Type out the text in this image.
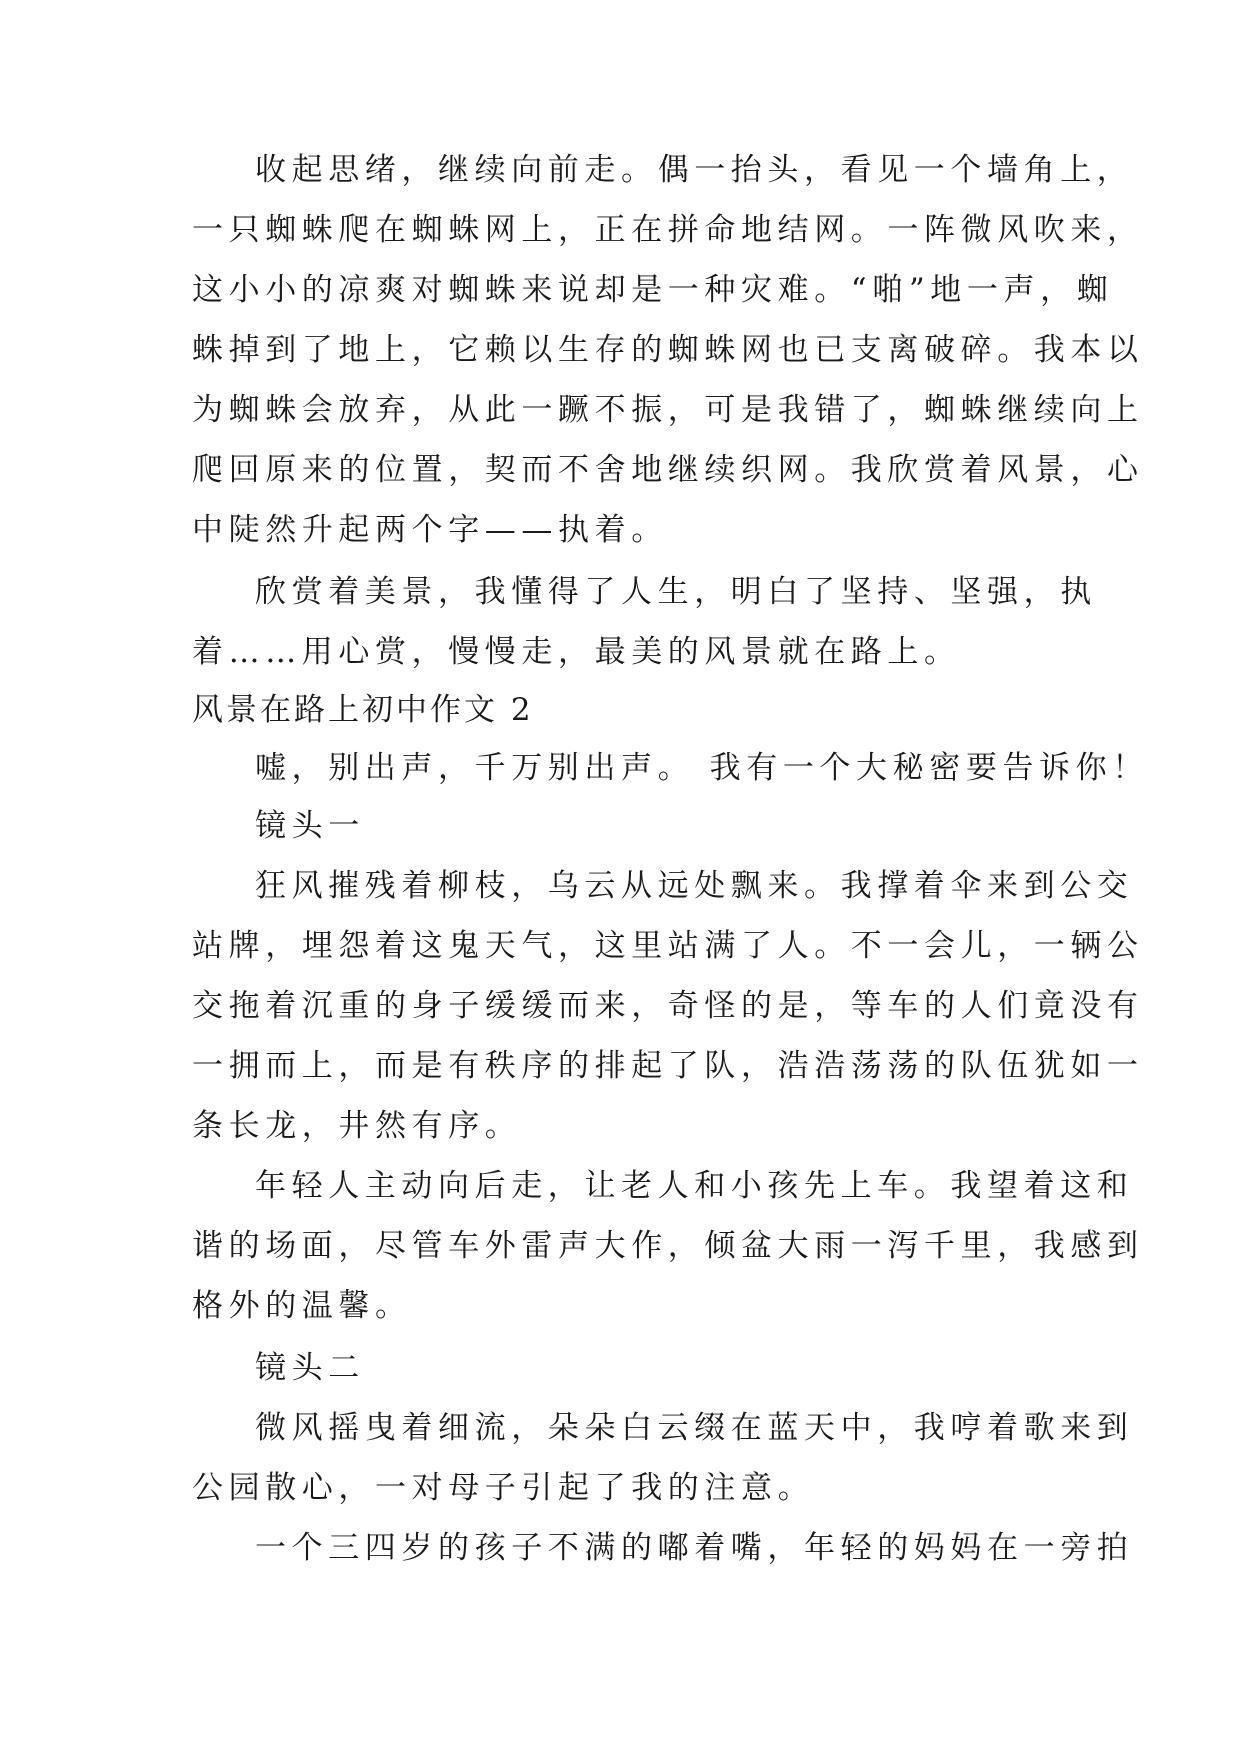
收起思绪，继续向前走。偶一抬头，看见一个墙角上，
一只蜘蛛爬在蜘蛛网上，正在拼命地结网。一阵微风吹来，
这小小的凉爽对蜘蛛来说却是一种灾难。“啪”地一声，蜘
蛛掉到了地上，它赖以生存的蜘蛛网也已支离破碎。我本以
为蜘蛛会放弃，从此一蹶不振，可是我错了，蜘蛛继续向上
爬回原来的位置，契而不舍地继续织网。我欣赏着风景，心
中陡然升起两个字——执着。
欣赏着美景，我懂得了人生，明白了坚持、坚强，执
着……用心赏，慢慢走，最美的风景就在路上。
风景在路上初中作文 2
嘘，别出声，千万别出声。 我有一个大秘密要告诉你！
镜头一
狂风摧残着柳枝，乌云从远处飘来。我撑着伞来到公交
站牌，埋怨着这鬼天气，这里站满了人。不一会儿，一辆公
交拖着沉重的身子缓缓而来，奇怪的是，等车的人们竟没有
一拥而上，而是有秩序的排起了队，浩浩荡荡的队伍犹如一
条长龙，井然有序。
年轻人主动向后走，让老人和小孩先上车。我望着这和
谐的场面，尽管车外雷声大作，倾盆大雨一泻千里，我感到
格外的温馨。
镜头二
微风摇曳着细流，朵朵白云缀在蓝天中，我哼着歌来到
公园散心，一对母子引起了我的注意。
一个三四岁的孩子不满的嘟着嘴，年轻的妈妈在一旁拍
